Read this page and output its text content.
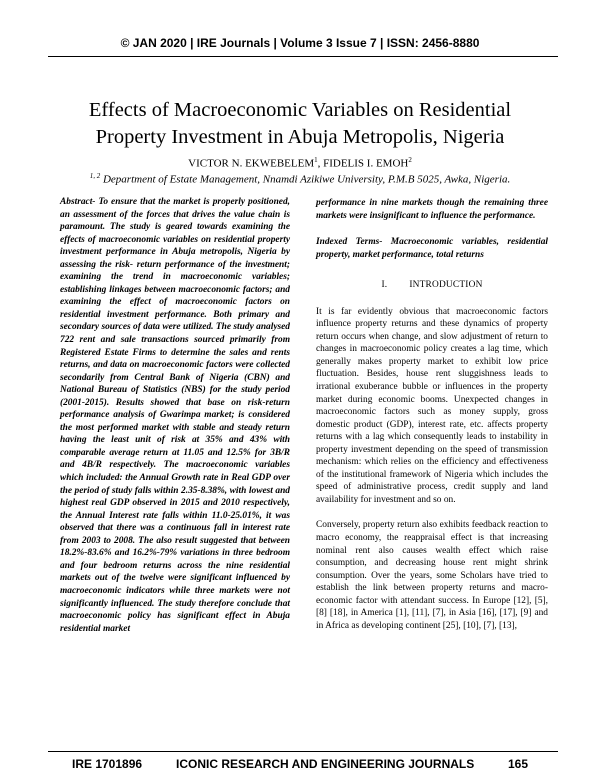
© JAN 2020 | IRE Journals | Volume 3 Issue 7 | ISSN: 2456-8880
Effects of Macroeconomic Variables on Residential
Property Investment in Abuja Metropolis, Nigeria
VICTOR N. EKWEBELEM$^1$, FIDELIS I. EMOH$^2$
$^{1, 2}$ Department of Estate Management, Nnamdi Azikiwe University, P.M.B 5025, Awka, Nigeria.

Abstract- To ensure that the market is properly positioned, an assessment of the forces that drives the value chain is paramount. The study is geared towards examining the effects of macroeconomic variables on residential property investment performance in Abuja metropolis, Nigeria by assessing the risk- return performance of the investment; examining the trend in macroeconomic variables; establishing linkages between macroeconomic factors; and examining the effect of macroeconomic factors on residential investment performance. Both primary and secondary sources of data were utilized. The study analysed 722 rent and sale transactions sourced primarily from Registered Estate Firms to determine the sales and rents returns, and data on macroeconomic factors were collected secondarily from Central Bank of Nigeria (CBN) and National Bureau of Statistics (NBS) for the study period (2001-2015). Results showed that base on risk-return performance analysis of Gwarimpa market; is considered the most performed market with stable and steady return having the least unit of risk at 35% and 43% with comparable average return at 11.05 and 12.5% for 3B/R and 4B/R respectively. The macroeconomic variables which included: the Annual Growth rate in Real GDP over the period of study falls within 2.35-8.38%, with lowest and highest real GDP observed in 2015 and 2010 respectively, the Annual Interest rate falls within 11.0-25.01%, it was observed that there was a continuous fall in interest rate from 2003 to 2008. The also result suggested that between 18.2%-83.6% and 16.2%-79% variations in three bedroom and four bedroom returns across the nine residential markets out of the twelve were significant influenced by macroeconomic indicators while three markets were not significantly influenced. The study therefore conclude that macroeconomic policy has significant effect in Abuja residential market

performance in nine markets though the remaining three markets were insignificant to influence the performance.

Indexed Terms- Macroeconomic variables, residential property, market performance, total returns

I. INTRODUCTION

It is far evidently obvious that macroeconomic factors influence property returns and these dynamics of property return occurs when change, and slow adjustment of return to changes in macroeconomic policy creates a lag time, which generally makes property market to exhibit low price fluctuation. Besides, house rent sluggishness leads to irrational exuberance bubble or influences in the property market during economic booms. Unexpected changes in macroeconomic factors such as money supply, gross domestic product (GDP), interest rate, etc. affects property returns with a lag which consequently leads to instability in property investment depending on the speed of transmission mechanism: which relies on the efficiency and effectiveness of the institutional framework of Nigeria which includes the speed of administrative process, credit supply and land availability for investment and so on.

Conversely, property return also exhibits feedback reaction to macro economy, the reappraisal effect is that increasing nominal rent also causes wealth effect which raise consumption, and decreasing house rent might shrink consumption. Over the years, some Scholars have tried to establish the link between property returns and macro-economic factor with attendant success. In Europe [12], [5], [8] [18], in America [1], [11], [7], in Asia [16], [17], [9] and in Africa as developing continent [25], [10], [7], [13],

IRE 1701896	ICONIC RESEARCH AND ENGINEERING JOURNALS	165
